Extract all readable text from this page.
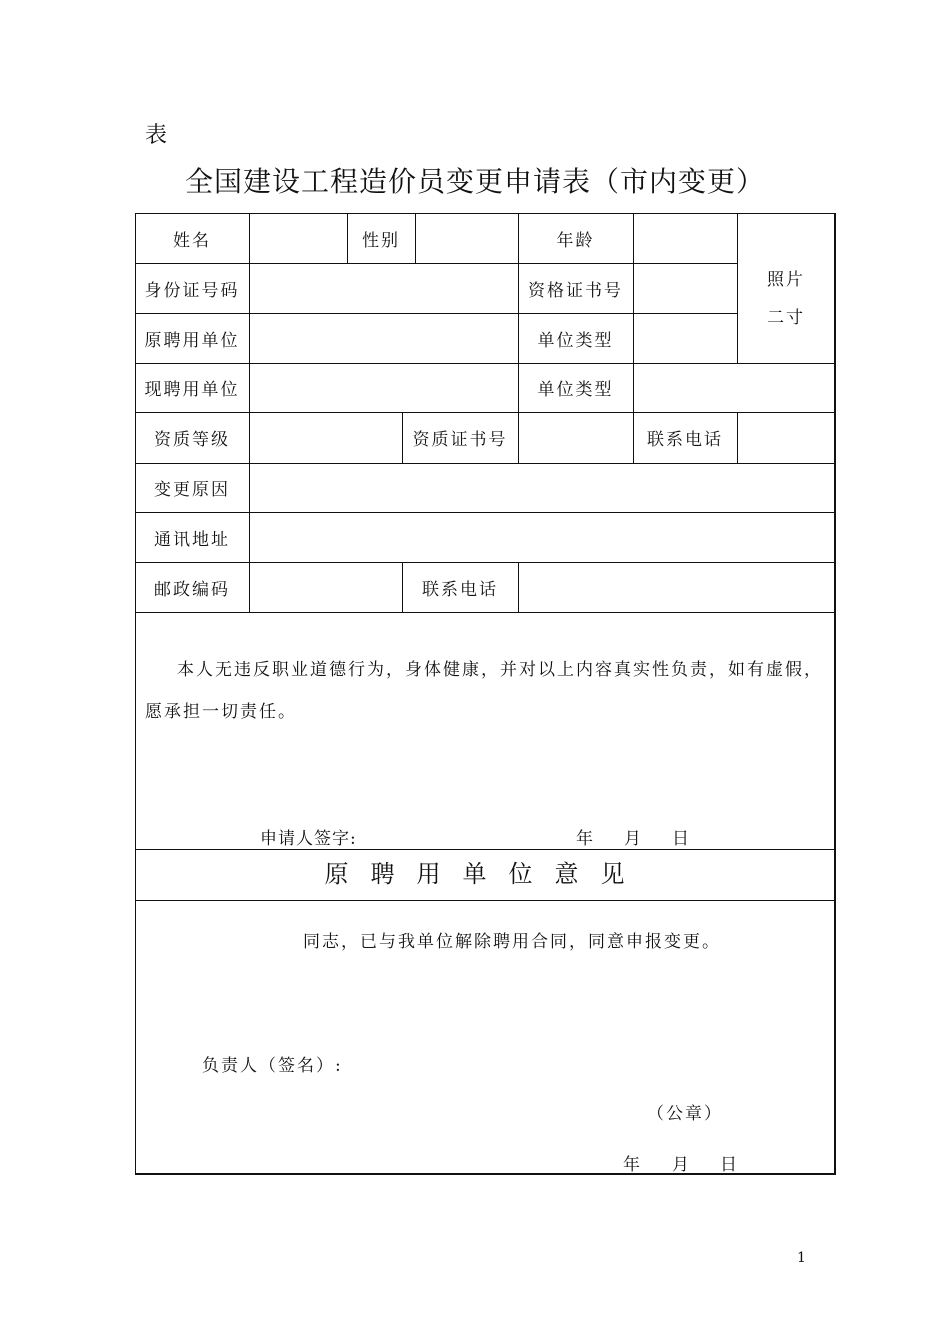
表
全国建设工程造价员变更申请表（市内变更）
姓名	性别	年龄
照片
二寸
身份证号码	资格证书号
原聘用单位	单位类型
现聘用单位	单位类型
资质等级	资质证书号	联系电话
变更原因
通讯地址
邮政编码	联系电话
本人无违反职业道德行为，身体健康，并对以上内容真实性负责，如有虚假，
愿承担一切责任。
申请人签字:	年 月 日
原聘用单位意见
同志，已与我单位解除聘用合同，同意申报变更。
负责人（签名）:
（公章）
年 月 日
1
